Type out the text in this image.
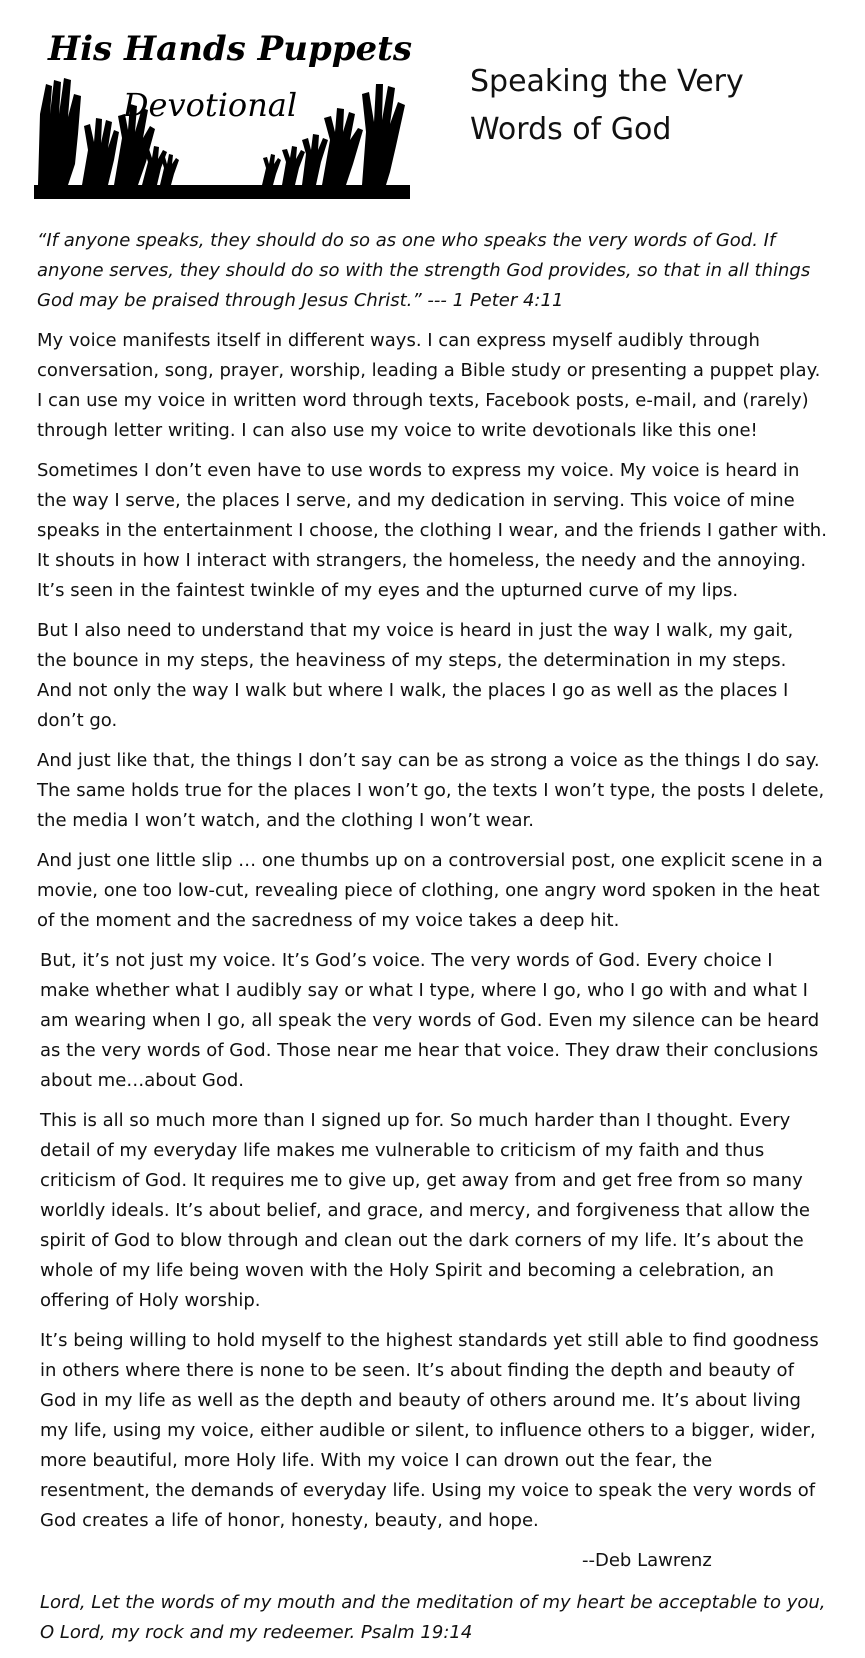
His Hands Puppets
Devotional
Speaking the Very
Words of God

“If anyone speaks, they should do so as one who speaks the very words of God. If anyone serves, they should do so with the strength God provides, so that in all things God may be praised through Jesus Christ.” --- 1 Peter 4:11

My voice manifests itself in different ways. I can express myself audibly through conversation, song, prayer, worship, leading a Bible study or presenting a puppet play. I can use my voice in written word through texts, Facebook posts, e-mail, and (rarely) through letter writing. I can also use my voice to write devotionals like this one!

Sometimes I don’t even have to use words to express my voice. My voice is heard in the way I serve, the places I serve, and my dedication in serving. This voice of mine speaks in the entertainment I choose, the clothing I wear, and the friends I gather with. It shouts in how I interact with strangers, the homeless, the needy and the annoying. It’s seen in the faintest twinkle of my eyes and the upturned curve of my lips.

But I also need to understand that my voice is heard in just the way I walk, my gait, the bounce in my steps, the heaviness of my steps, the determination in my steps. And not only the way I walk but where I walk, the places I go as well as the places I don’t go.

And just like that, the things I don’t say can be as strong a voice as the things I do say. The same holds true for the places I won’t go, the texts I won’t type, the posts I delete, the media I won’t watch, and the clothing I won’t wear.

And just one little slip … one thumbs up on a controversial post, one explicit scene in a movie, one too low-cut, revealing piece of clothing, one angry word spoken in the heat of the moment and the sacredness of my voice takes a deep hit.

But, it’s not just my voice. It’s God’s voice. The very words of God. Every choice I make whether what I audibly say or what I type, where I go, who I go with and what I am wearing when I go, all speak the very words of God. Even my silence can be heard as the very words of God. Those near me hear that voice. They draw their conclusions about me…about God.

This is all so much more than I signed up for. So much harder than I thought. Every detail of my everyday life makes me vulnerable to criticism of my faith and thus criticism of God. It requires me to give up, get away from and get free from so many worldly ideals. It’s about belief, and grace, and mercy, and forgiveness that allow the spirit of God to blow through and clean out the dark corners of my life. It’s about the whole of my life being woven with the Holy Spirit and becoming a celebration, an offering of Holy worship.

It’s being willing to hold myself to the highest standards yet still able to find goodness in others where there is none to be seen. It’s about finding the depth and beauty of God in my life as well as the depth and beauty of others around me. It’s about living my life, using my voice, either audible or silent, to influence others to a bigger, wider, more beautiful, more Holy life. With my voice I can drown out the fear, the resentment, the demands of everyday life. Using my voice to speak the very words of God creates a life of honor, honesty, beauty, and hope.

--Deb Lawrenz

Lord, Let the words of my mouth and the meditation of my heart be acceptable to you,
O Lord, my rock and my redeemer. Psalm 19:14
